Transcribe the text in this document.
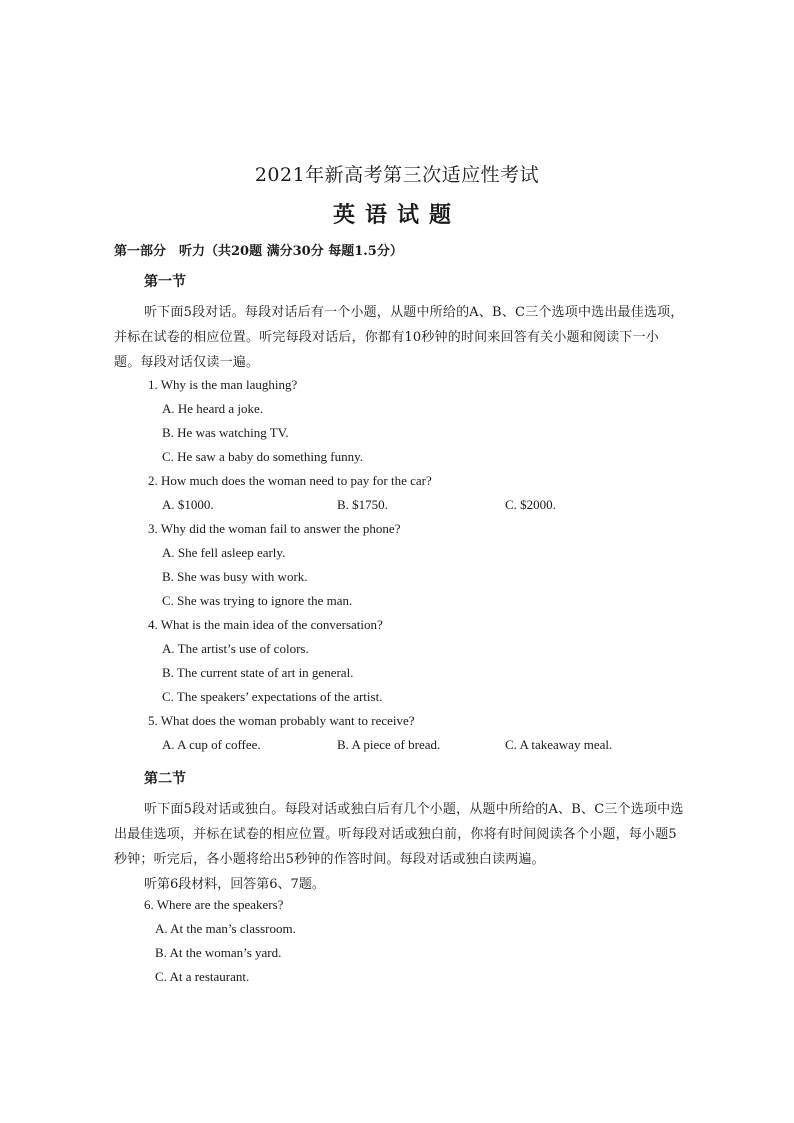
2021年新高考第三次适应性考试
英语试题
第一部分　听力（共20题 满分30分 每题1.5分）
第一节
听下面5段对话。每段对话后有一个小题，从题中所给的A、B、C三个选项中选出最佳选项，并标在试卷的相应位置。听完每段对话后，你都有10秒钟的时间来回答有关小题和阅读下一小题。每段对话仅读一遍。
1. Why is the man laughing?
A. He heard a joke.
B. He was watching TV.
C. He saw a baby do something funny.
2. How much does the woman need to pay for the car?
A. $1000.	B. $1750.	C. $2000.
3. Why did the woman fail to answer the phone?
A. She fell asleep early.
B. She was busy with work.
C. She was trying to ignore the man.
4. What is the main idea of the conversation?
A. The artist’s use of colors.
B. The current state of art in general.
C. The speakers’ expectations of the artist.
5. What does the woman probably want to receive?
A. A cup of coffee.	B. A piece of bread.	C. A takeaway meal.
第二节
听下面5段对话或独白。每段对话或独白后有几个小题，从题中所给的A、B、C三个选项中选出最佳选项，并标在试卷的相应位置。听每段对话或独白前，你将有时间阅读各个小题，每小题5秒钟；听完后，各小题将给出5秒钟的作答时间。每段对话或独白读两遍。
听第6段材料，回答第6、7题。
6. Where are the speakers?
A. At the man’s classroom.
B. At the woman’s yard.
C. At a restaurant.
